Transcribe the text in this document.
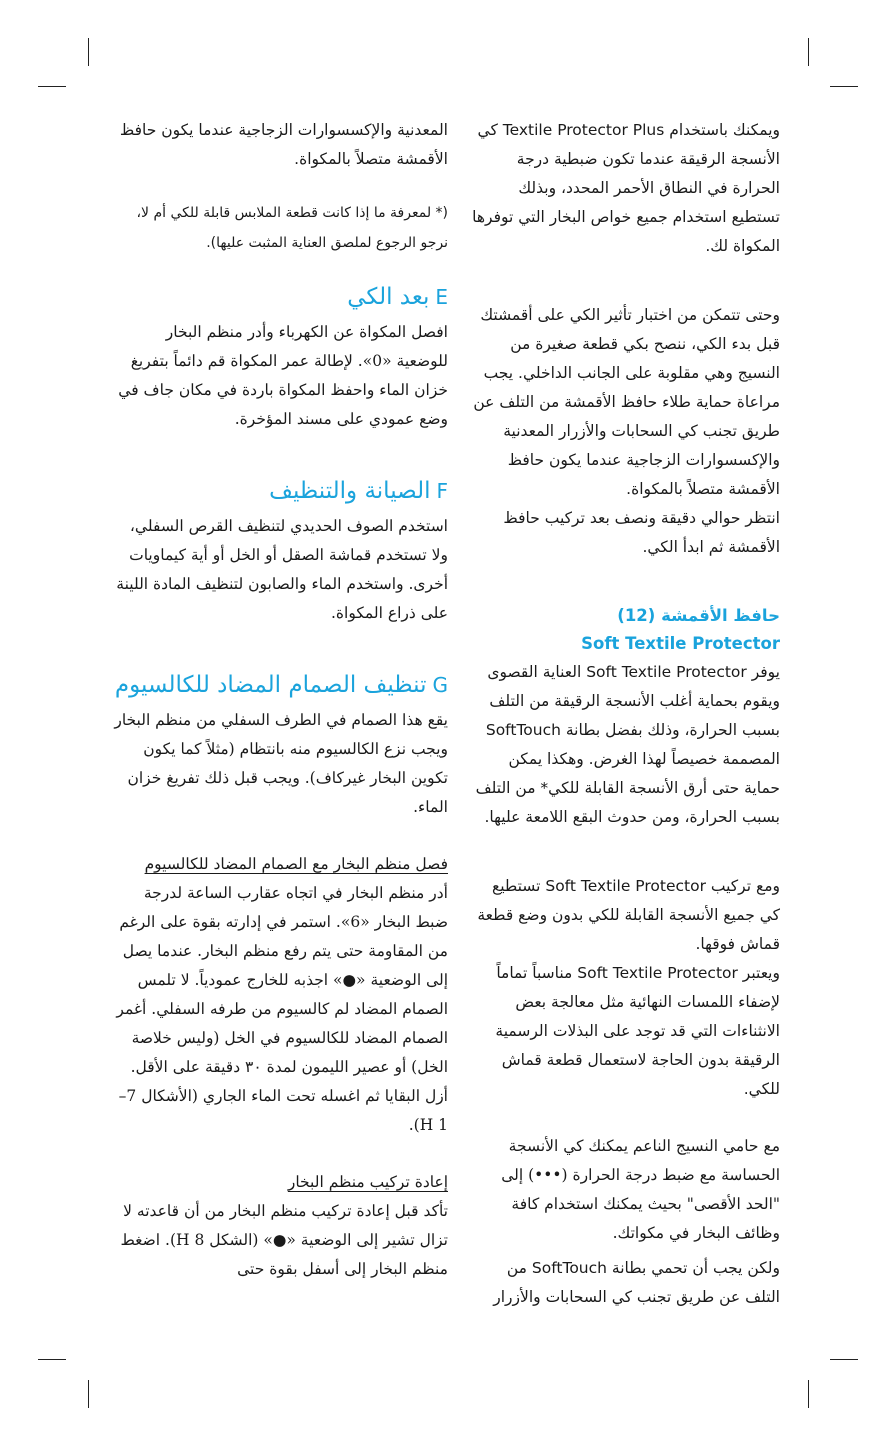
ويمكنك باستخدام Textile Protector Plus كي الأنسجة الرقيقة عندما تكون ضبطية درجة الحرارة في النطاق الأحمر المحدد، وبذلك تستطيع استخدام جميع خواص البخار التي توفرها المكواة لك.

وحتى تتمكن من اختبار تأثير الكي على أقمشتك قبل بدء الكي، ننصح بكي قطعة صغيرة من النسيج وهي مقلوبة على الجانب الداخلي. يجب مراعاة حماية طلاء حافظ الأقمشة من التلف عن طريق تجنب كي السحابات والأزرار المعدنية والإكسسوارات الزجاجية عندما يكون حافظ الأقمشة متصلاً بالمكواة.

انتظر حوالي دقيقة ونصف بعد تركيب حافظ الأقمشة ثم ابدأ الكي.

حافظ الأقمشة (12)
Soft Textile Protector

يوفر Soft Textile Protector العناية القصوى ويقوم بحماية أغلب الأنسجة الرقيقة من التلف بسبب الحرارة، وذلك بفضل بطانة SoftTouch المصممة خصيصاً لهذا الغرض. وهكذا يمكن حماية حتى أرق الأنسجة القابلة للكي* من التلف بسبب الحرارة، ومن حدوث البقع اللامعة عليها.

ومع تركيب Soft Textile Protector تستطيع كي جميع الأنسجة القابلة للكي بدون وضع قطعة قماش فوقها.

ويعتبر Soft Textile Protector مناسباً تماماً لإضفاء اللمسات النهائية مثل معالجة بعض الانثناءات التي قد توجد على البذلات الرسمية الرقيقة بدون الحاجة لاستعمال قطعة قماش للكي.

مع حامي النسيج الناعم يمكنك كي الأنسجة الحساسة مع ضبط درجة الحرارة (•••) إلى "الحد الأقصى" بحيث يمكنك استخدام كافة وظائف البخار في مكواتك.

ولكن يجب أن تحمي بطانة SoftTouch من التلف عن طريق تجنب كي السحابات والأزرار

المعدنية والإكسسوارات الزجاجية عندما يكون حافظ الأقمشة متصلاً بالمكواة.

(* لمعرفة ما إذا كانت قطعة الملابس قابلة للكي أم لا، نرجو الرجوع لملصق العناية المثبت عليها).

Eبعد الكي

افصل المكواة عن الكهرباء وأدر منظم البخار للوضعية «0». لإطالة عمر المكواة قم دائماً بتفريغ خزان الماء واحفظ المكواة باردة في مكان جاف في وضع عمودي على مسند المؤخرة.

Fالصيانة والتنظيف

استخدم الصوف الحديدي لتنظيف القرص السفلي، ولا تستخدم قماشة الصقل أو الخل أو أية كيماويات أخرى. واستخدم الماء والصابون لتنظيف المادة اللينة على ذراع المكواة.

Gتنظيف الصمام المضاد للكالسيوم

يقع هذا الصمام في الطرف السفلي من منظم البخار ويجب نزع الكالسيوم منه بانتظام (مثلاً كما يكون تكوين البخار غيركاف). ويجب قبل ذلك تفريغ خزان الماء.

فصل منظم البخار مع الصمام المضاد للكالسيوم

أدر منظم البخار في اتجاه عقارب الساعة لدرجة ضبط البخار «6». استمر في إدارته بقوة على الرغم من المقاومة حتى يتم رفع منظم البخار. عندما يصل إلى الوضعية «●» اجذبه للخارج عمودياً. لا تلمس الصمام المضاد لم كالسيوم من طرفه السفلي. أغمر الصمام المضاد للكالسيوم في الخل (وليس خلاصة الخل) أو عصير الليمون لمدة ٣٠ دقيقة على الأقل. أزل البقايا ثم اغسله تحت الماء الجاري (الأشكال 7–H 1).

إعادة تركيب منظم البخار

تأكد قبل إعادة تركيب منظم البخار من أن قاعدته لا تزال تشير إلى الوضعية «●» (الشكل H 8). اضغط منظم البخار إلى أسفل بقوة حتى
